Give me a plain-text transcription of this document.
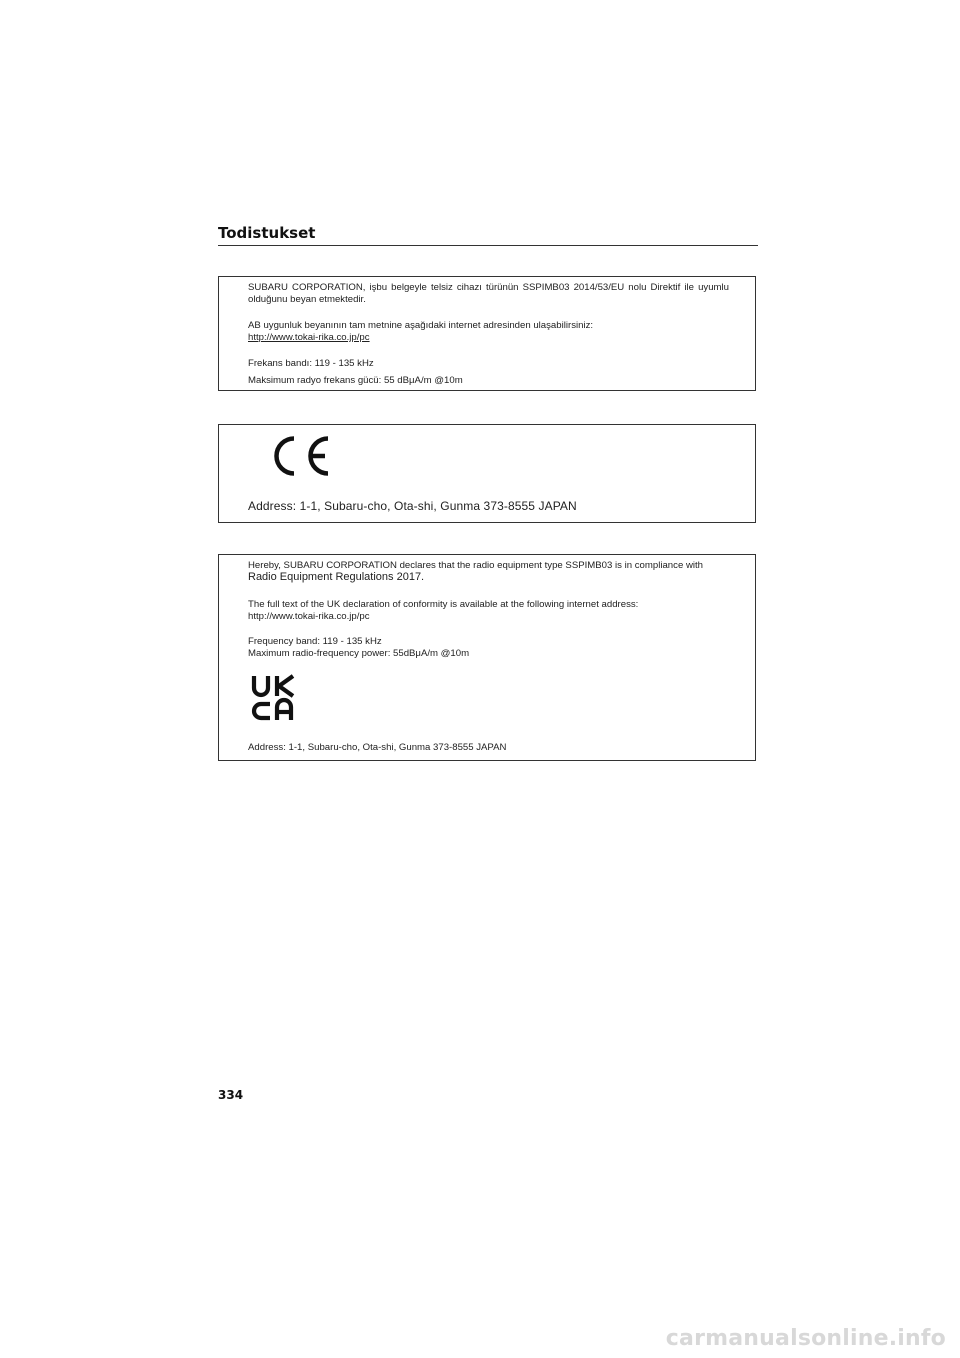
Todistukset
SUBARU CORPORATION, işbu belgeyle telsiz cihazı türünün SSPIMB03 2014/53/EU nolu Direktif ile uyumlu olduğunu beyan etmektedir.
AB uygunluk beyanının tam metnine aşağıdaki internet adresinden ulaşabilirsiniz:
http://www.tokai-rika.co.jp/pc
Frekans bandı: 119 - 135 kHz
Maksimum radyo frekans gücü: 55 dBμA/m @10m
Address: 1-1, Subaru-cho, Ota-shi, Gunma 373-8555 JAPAN
Hereby, SUBARU CORPORATION declares that the radio equipment type SSPIMB03 is in compliance with
Radio Equipment Regulations 2017.
The full text of the UK declaration of conformity is available at the following internet address:
http://www.tokai-rika.co.jp/pc
Frequency band: 119 - 135 kHz
Maximum radio-frequency power: 55dBμA/m @10m
Address: 1-1, Subaru-cho, Ota-shi, Gunma 373-8555 JAPAN
334
carmanualsonline.info
